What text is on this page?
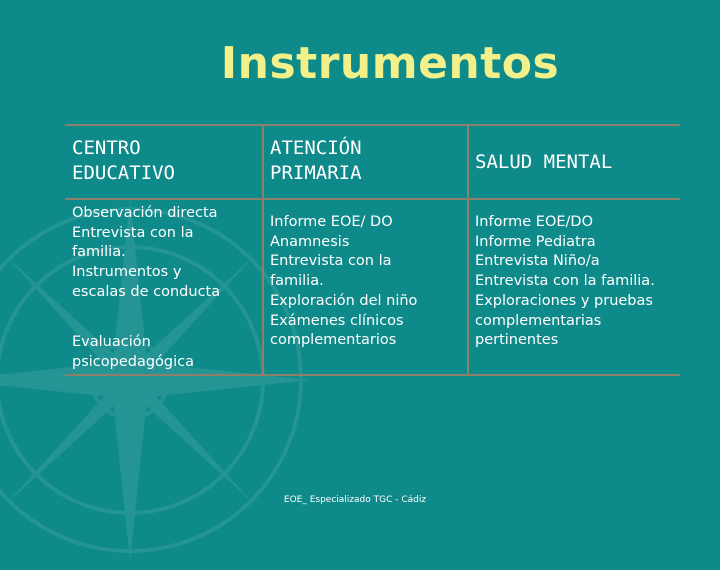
Instrumentos
CENTRO
EDUCATIVO
ATENCIÓN
PRIMARIA	SALUD MENTAL
Observación directa
Entrevista con la
familia.
Instrumentos y
escalas de conducta
Evaluación
psicopedagógica
Informe EOE/ DO
Anamnesis
Entrevista con la
familia.
Exploración del niño
Exámenes clínicos
complementarios
Informe EOE/DO
Informe Pediatra
Entrevista Niño/a
Entrevista con la familia.
Exploraciones y pruebas
complementarias
pertinentes
EOE_ Especializado TGC - Cádiz
